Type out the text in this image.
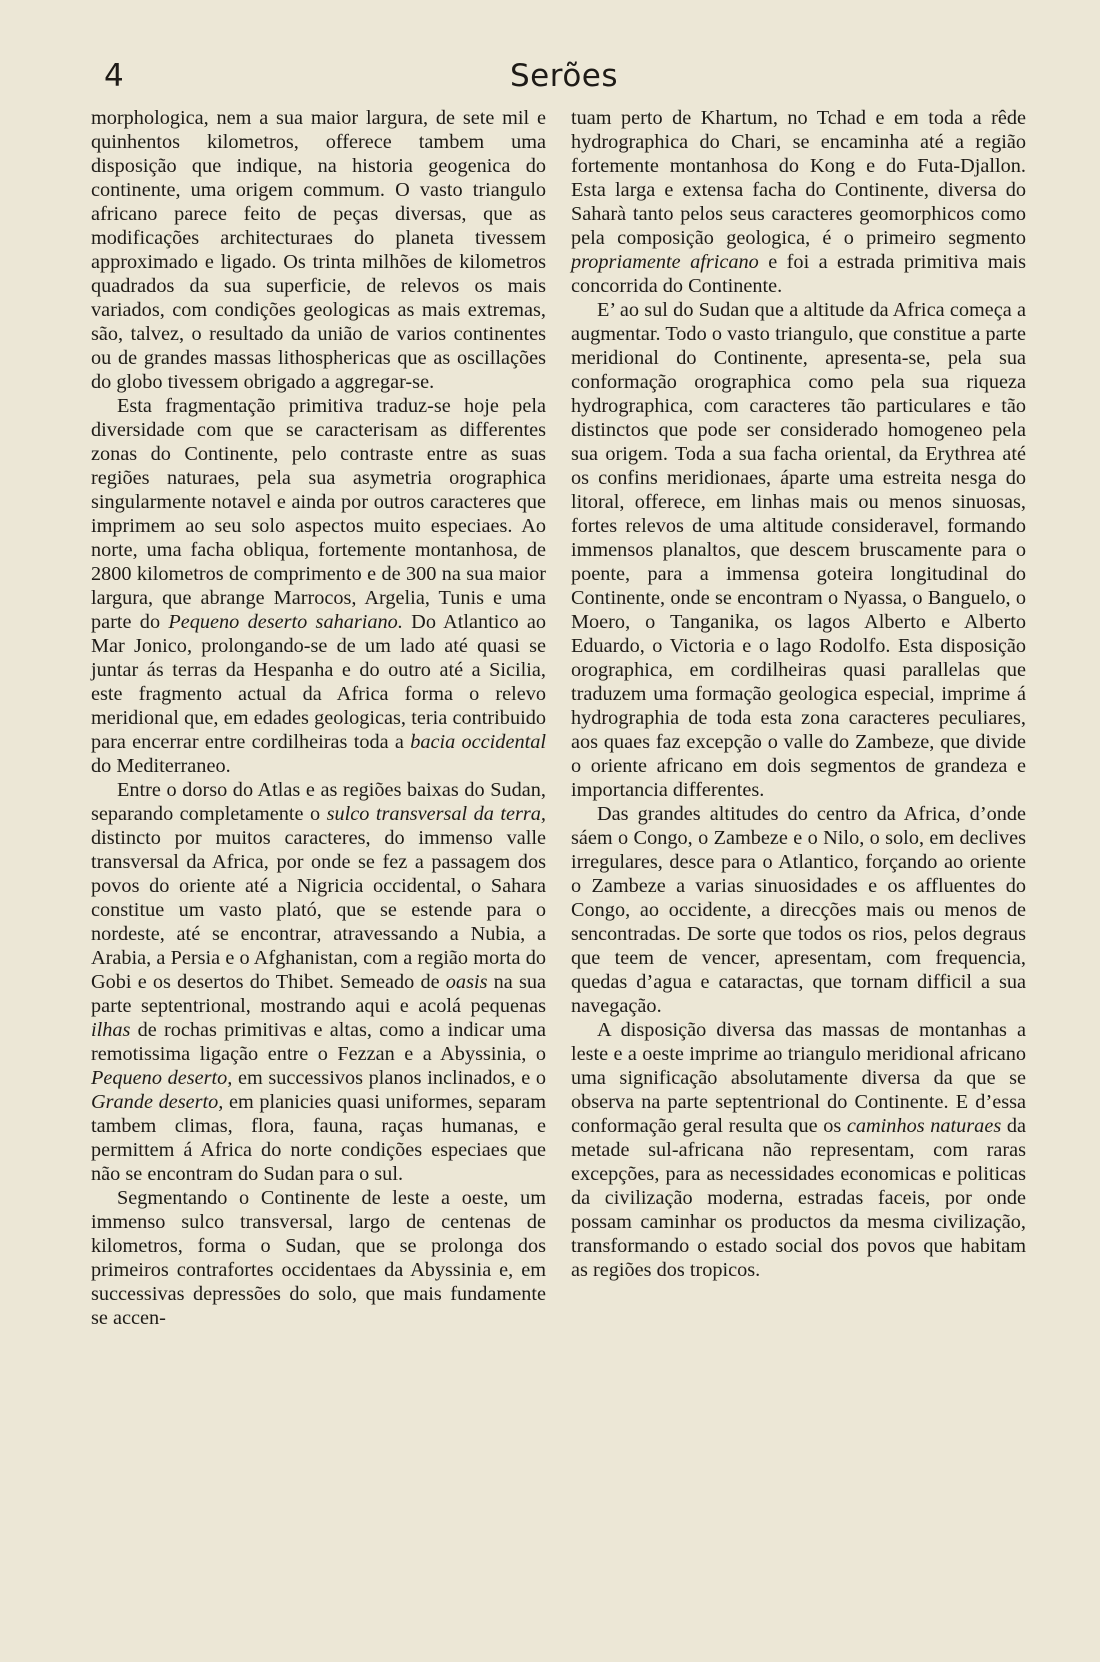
4	Serões

morphologica, nem a sua maior largura, de sete mil e quinhentos kilometros, offerece tambem uma disposição que indique, na historia geogenica do continente, uma origem commum. O vasto triangulo africano parece feito de peças diversas, que as modificações architecturaes do planeta tivessem approximado e ligado. Os trinta milhões de kilometros quadrados da sua superficie, de relevos os mais variados, com condições geologicas as mais extremas, são, talvez, o resultado da união de varios continentes ou de grandes massas lithosphericas que as oscillações do globo tivessem obrigado a aggregar-se.

Esta fragmentação primitiva traduz-se hoje pela diversidade com que se caracterisam as differentes zonas do Continente, pelo contraste entre as suas regiões naturaes, pela sua asymetria orographica singularmente notavel e ainda por outros caracteres que imprimem ao seu solo aspectos muito especiaes. Ao norte, uma facha obliqua, fortemente montanhosa, de 2800 kilometros de comprimento e de 300 na sua maior largura, que abrange Marrocos, Argelia, Tunis e uma parte do Pequeno deserto sahariano. Do Atlantico ao Mar Jonico, prolongando-se de um lado até quasi se juntar ás terras da Hespanha e do outro até a Sicilia, este fragmento actual da Africa forma o relevo meridional que, em edades geologicas, teria contribuido para encerrar entre cordilheiras toda a bacia occidental do Mediterraneo.

Entre o dorso do Atlas e as regiões baixas do Sudan, separando completamente o sulco transversal da terra, distincto por muitos caracteres, do immenso valle transversal da Africa, por onde se fez a passagem dos povos do oriente até a Nigricia occidental, o Sahara constitue um vasto plató, que se estende para o nordeste, até se encontrar, atravessando a Nubia, a Arabia, a Persia e o Afghanistan, com a região morta do Gobi e os desertos do Thibet. Semeado de oasis na sua parte septentrional, mostrando aqui e acolá pequenas ilhas de rochas primitivas e altas, como a indicar uma remotissima ligação entre o Fezzan e a Abyssinia, o Pequeno deserto, em successivos planos inclinados, e o Grande deserto, em planicies quasi uniformes, separam tambem climas, flora, fauna, raças humanas, e permittem á Africa do norte condições especiaes que não se encontram do Sudan para o sul.

Segmentando o Continente de leste a oeste, um immenso sulco transversal, largo de centenas de kilometros, forma o Sudan, que se prolonga dos primeiros contrafortes occidentaes da Abyssinia e, em successivas depressões do solo, que mais fundamente se accen-

tuam perto de Khartum, no Tchad e em toda a rêde hydrographica do Chari, se encaminha até a região fortemente montanhosa do Kong e do Futa-Djallon. Esta larga e extensa facha do Continente, diversa do Saharà tanto pelos seus caracteres geomorphicos como pela composição geologica, é o primeiro segmento propriamente africano e foi a estrada primitiva mais concorrida do Continente.

E’ ao sul do Sudan que a altitude da Africa começa a augmentar. Todo o vasto triangulo, que constitue a parte meridional do Continente, apresenta-se, pela sua conformação orographica como pela sua riqueza hydrographica, com caracteres tão particulares e tão distinctos que pode ser considerado homogeneo pela sua origem. Toda a sua facha oriental, da Erythrea até os confins meridionaes, áparte uma estreita nesga do litoral, offerece, em linhas mais ou menos sinuosas, fortes relevos de uma altitude consideravel, formando immensos planaltos, que descem bruscamente para o poente, para a immensa goteira longitudinal do Continente, onde se encontram o Nyassa, o Banguelo, o Moero, o Tanganika, os lagos Alberto e Alberto Eduardo, o Victoria e o lago Rodolfo. Esta disposição orographica, em cordilheiras quasi parallelas que traduzem uma formação geologica especial, imprime á hydrographia de toda esta zona caracteres peculiares, aos quaes faz excepção o valle do Zambeze, que divide o oriente africano em dois segmentos de grandeza e importancia differentes.

Das grandes altitudes do centro da Africa, d’onde sáem o Congo, o Zambeze e o Nilo, o solo, em declives irregulares, desce para o Atlantico, forçando ao oriente o Zambeze a varias sinuosidades e os affluentes do Congo, ao occidente, a direcções mais ou menos de sencontradas. De sorte que todos os rios, pelos degraus que teem de vencer, apresentam, com frequencia, quedas d’agua e cataractas, que tornam difficil a sua navegação.

A disposição diversa das massas de montanhas a leste e a oeste imprime ao triangulo meridional africano uma significação absolutamente diversa da que se observa na parte septentrional do Continente. E d’essa conformação geral resulta que os caminhos naturaes da metade sul-africana não representam, com raras excepções, para as necessidades economicas e politicas da civilização moderna, estradas faceis, por onde possam caminhar os productos da mesma civilização, transformando o estado social dos povos que habitam as regiões dos tropicos.
